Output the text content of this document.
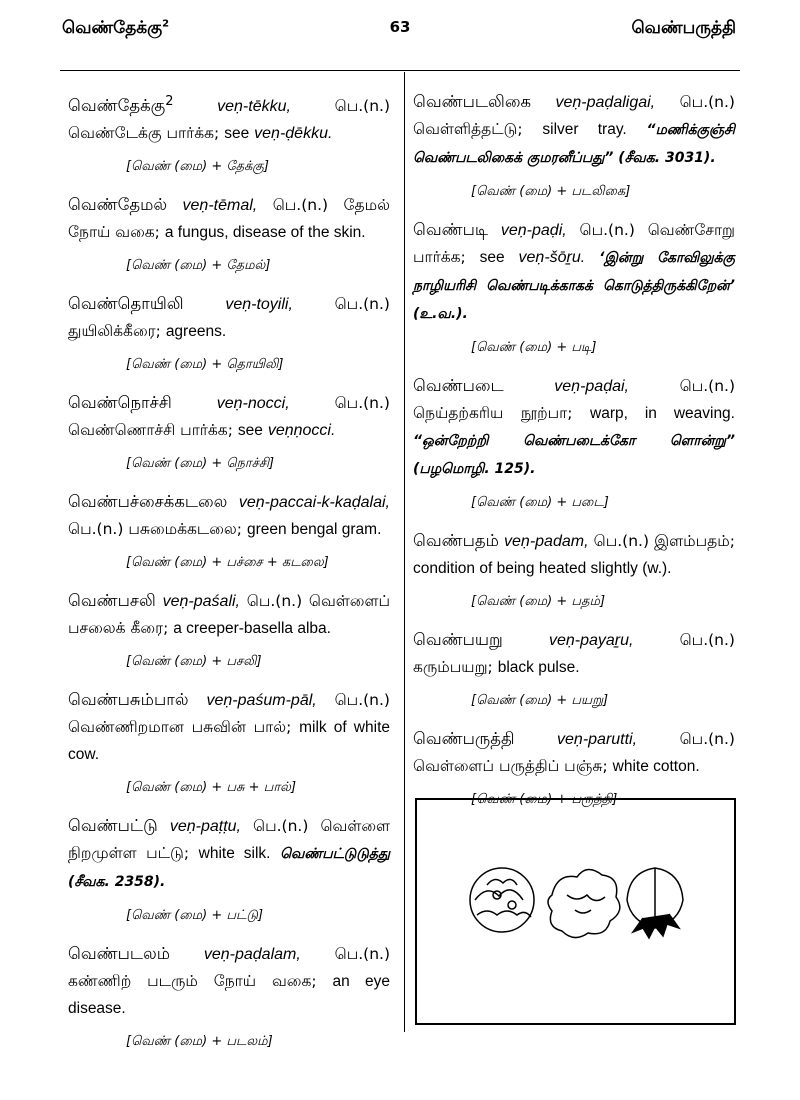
வெண்தேக்கு$^2$	63	வெண்பருத்தி
வெண்தேக்கு$^2$	veṇ-tēkku,	பெ.(n.) வெண்டேக்கு பார்க்க; see veṇ-ḍēkku.
[வெண் (மை) + தேக்கு]
வெண்தேமல் veṇ-tēmal, பெ.(n.) தேமல் நோய் வகை; a fungus, disease of the skin.
[வெண் (மை) + தேமல்]
வெண்தொயிலி	veṇ-toyili,	பெ.(n.) துயிலிக்கீரை; agreens.
[வெண் (மை) + தொயிலி]
வெண்நொச்சி	veṇ-nocci,	பெ.(n.) வெண்ணொச்சி பார்க்க; see veṇṇocci.
[வெண் (மை) + நொச்சி]
வெண்பச்சைக்கடலை veṇ-paccai-k-kaḍalai, பெ.(n.) பசுமைக்கடலை; green bengal gram.
[வெண் (மை) + பச்சை + கடலை]
வெண்பசலி veṇ-paśali, பெ.(n.) வெள்ளைப் பசலைக் கீரை; a creeper-basella alba.
[வெண் (மை) + பசலி]
வெண்பசும்பால் veṇ-paśum-pāl, பெ.(n.) வெண்ணிறமான பசுவின் பால்; milk of white cow.
[வெண் (மை) + பசு + பால்]
வெண்பட்டு veṇ-paṭṭu, பெ.(n.) வெள்ளை நிறமுள்ள பட்டு; white silk. வெண்பட்டுடுத்து (சீவக. 2358).
[வெண் (மை) + பட்டு]
வெண்படலம் veṇ-paḍalam, பெ.(n.) கண்ணிற் படரும் நோய் வகை; an eye disease.
[வெண் (மை) + படலம்]
வெண்படலிகை veṇ-paḍaligai, பெ.(n.) வெள்ளித்தட்டு; silver tray. “மணிக்குஞ்சி வெண்படலிகைக் குமரனீப்பது” (சீவக. 3031).
[வெண் (மை) + படலிகை]
வெண்படி veṇ-paḍi, பெ.(n.) வெண்சோறு பார்க்க; see veṇ-šōṟu. ‘இன்று கோவிலுக்கு நாழியரிசி வெண்படிக்காகக் கொடுத்திருக்கிறேன்’ (உ.வ.).
[வெண் (மை) + படி]
வெண்படை	veṇ-paḍai,	பெ.(n.) நெய்தற்கரிய நூற்பா; warp, in weaving. “ஒன்றேற்றி வெண்படைக்கோ ளொன்று” (பழமொழி. 125).
[வெண் (மை) + படை]
வெண்பதம் veṇ-padam, பெ.(n.) இளம்பதம்; condition of being heated slightly (w.).
[வெண் (மை) + பதம்]
வெண்பயறு	veṇ-payaṟu,	பெ.(n.) கரும்பயறு; black pulse.
[வெண் (மை) + பயறு]
வெண்பருத்தி	veṇ-parutti,	பெ.(n.) வெள்ளைப் பருத்திப் பஞ்சு; white cotton.
[வெண் (மை) + பருத்தி]
